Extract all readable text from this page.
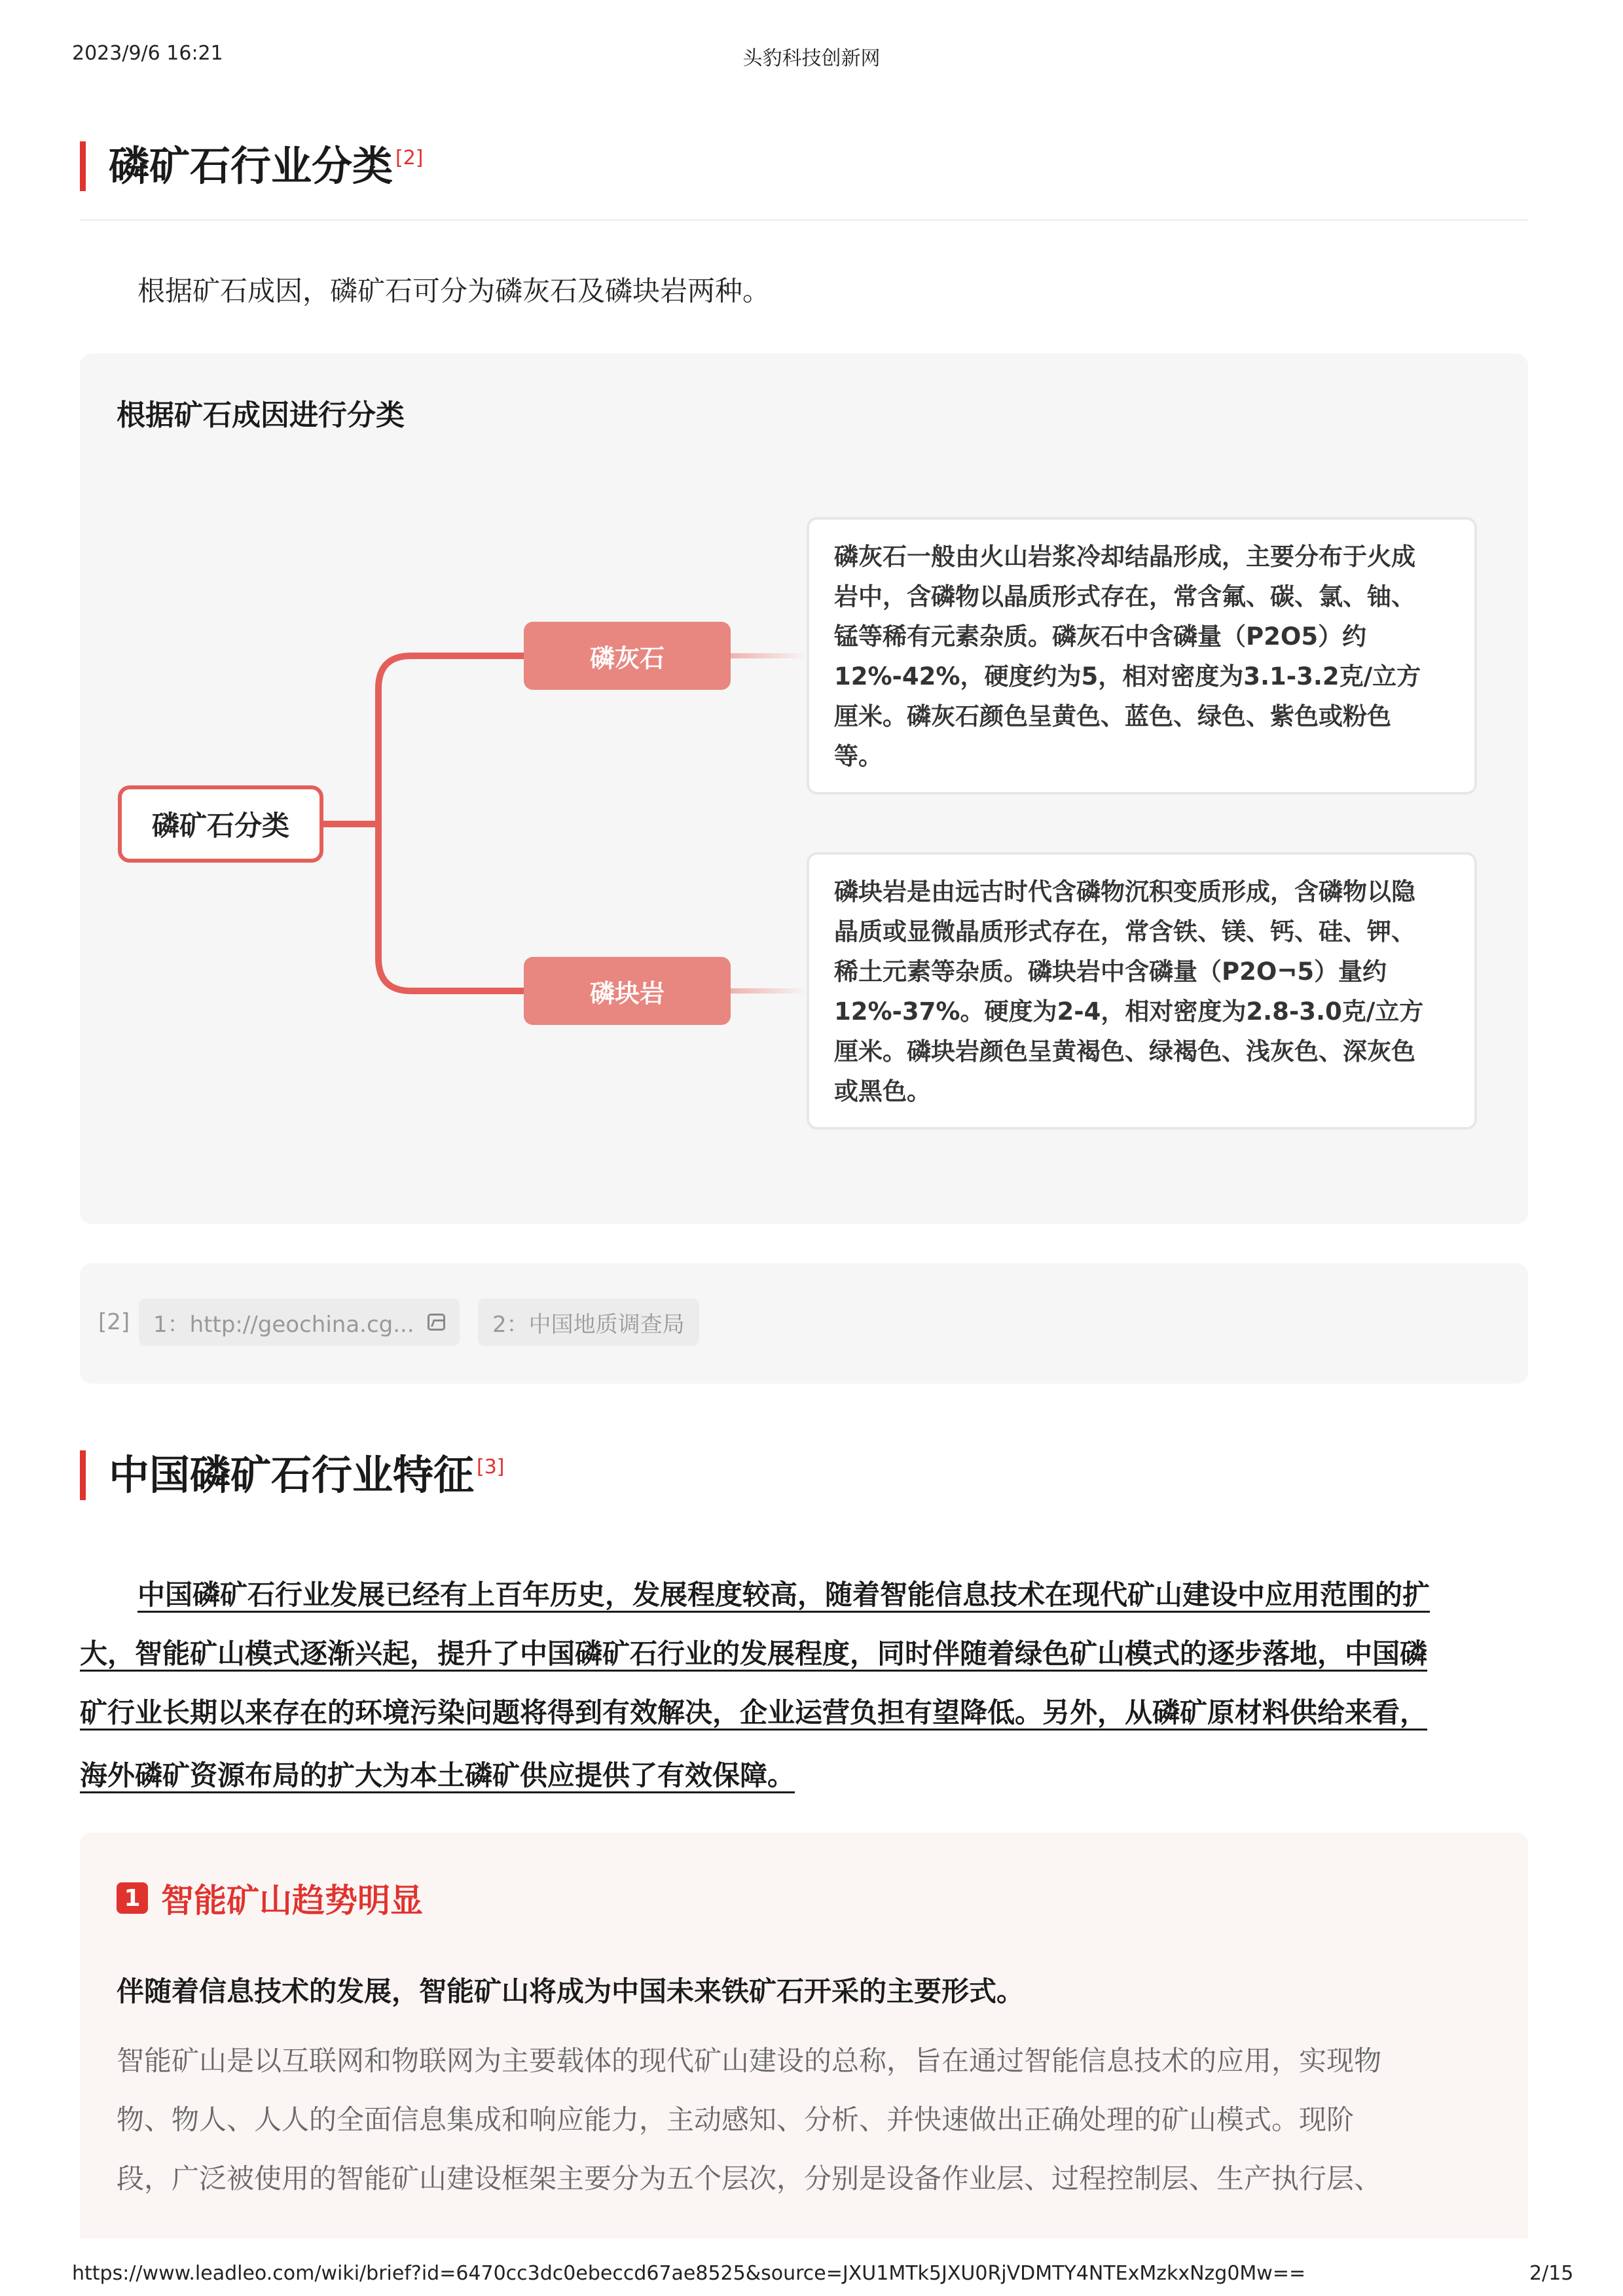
2023/9/6 16:21	头豹科技创新网
磷矿石行业分类 [2]
根据矿石成因，磷矿石可分为磷灰石及磷块岩两种。
根据矿石成因进行分类
磷矿石分类
磷灰石
磷块岩
磷灰石一般由火山岩浆冷却结晶形成，主要分布于火成
岩中，含磷物以晶质形式存在，常含氟、碳、氯、铀、
锰等稀有元素杂质。磷灰石中含磷量（P2O5）约
12%-42%，硬度约为5，相对密度为3.1-3.2克/立方
厘米。磷灰石颜色呈黄色、蓝色、绿色、紫色或粉色
等。
磷块岩是由远古时代含磷物沉积变质形成，含磷物以隐
晶质或显微晶质形式存在，常含铁、镁、钙、硅、钾、
稀土元素等杂质。磷块岩中含磷量（P2O¬5）量约
12%-37%。硬度为2-4，相对密度为2.8-3.0克/立方
厘米。磷块岩颜色呈黄褐色、绿褐色、浅灰色、深灰色
或黑色。
[2] 1：http://geochina.cg...	2：中国地质调查局
中国磷矿石行业特征 [3]
中国磷矿石行业发展已经有上百年历史，发展程度较高，随着智能信息技术在现代矿山建设中应用范围的扩
大，智能矿山模式逐渐兴起，提升了中国磷矿石行业的发展程度，同时伴随着绿色矿山模式的逐步落地，中国磷
矿行业长期以来存在的环境污染问题将得到有效解决，企业运营负担有望降低。另外，从磷矿原材料供给来看，
海外磷矿资源布局的扩大为本土磷矿供应提供了有效保障。
1 智能矿山趋势明显
伴随着信息技术的发展，智能矿山将成为中国未来铁矿石开采的主要形式。
智能矿山是以互联网和物联网为主要载体的现代矿山建设的总称，旨在通过智能信息技术的应用，实现物
物、物人、人人的全面信息集成和响应能力，主动感知、分析、并快速做出正确处理的矿山模式。现阶
段，广泛被使用的智能矿山建设框架主要分为五个层次，分别是设备作业层、过程控制层、生产执行层、
https://www.leadleo.com/wiki/brief?id=6470cc3dc0ebeccd67ae8525&source=JXU1MTk5JXU0RjVDMTY4NTExMzkxNzg0Mw==	2/15
